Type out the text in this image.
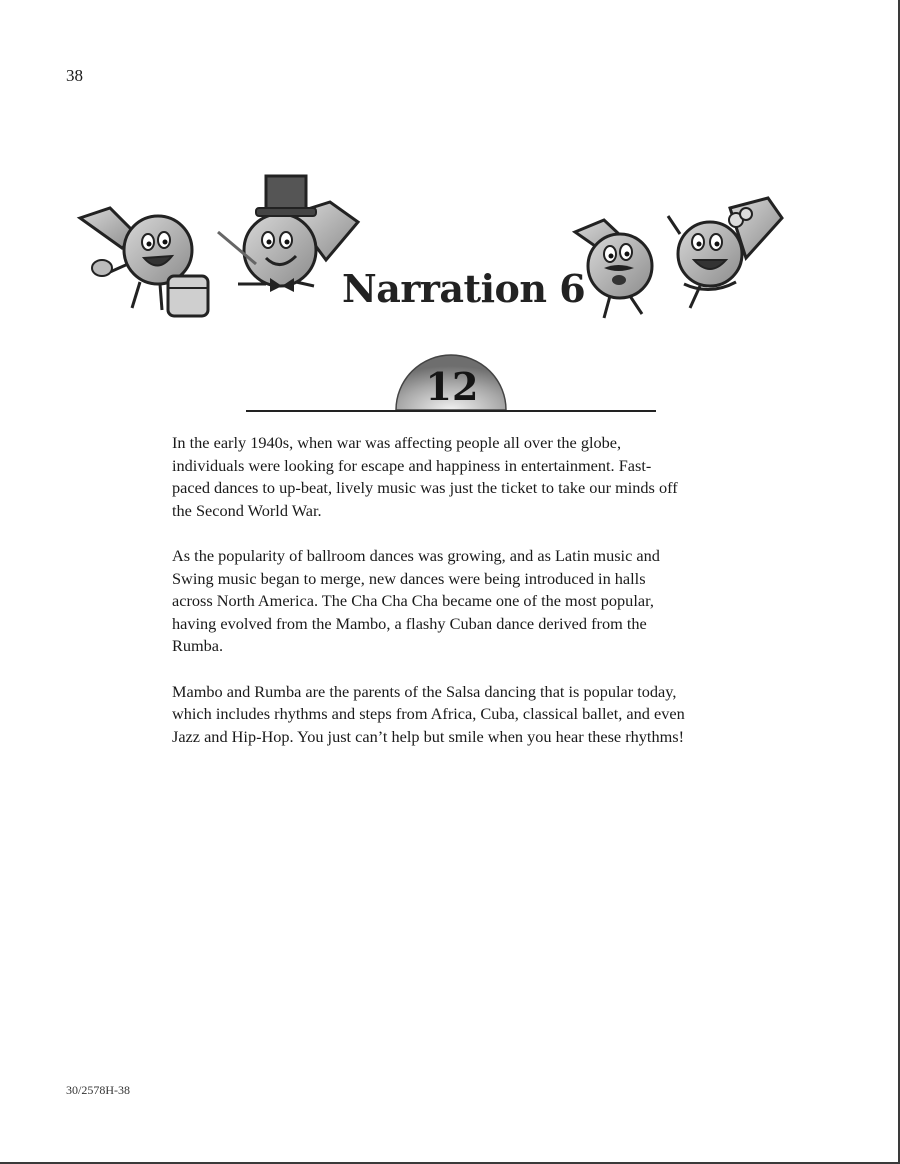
38
Narration 6
12

In the early 1940s, when war was affecting people all over the globe,
individuals were looking for escape and happiness in entertainment. Fast-
paced dances to up-beat, lively music was just the ticket to take our minds off
the Second World War.

As the popularity of ballroom dances was growing, and as Latin music and
Swing music began to merge, new dances were being introduced in halls
across North America. The Cha Cha Cha became one of the most popular,
having evolved from the Mambo, a flashy Cuban dance derived from the
Rumba.

Mambo and Rumba are the parents of the Salsa dancing that is popular today,
which includes rhythms and steps from Africa, Cuba, classical ballet, and even
Jazz and Hip-Hop. You just can’t help but smile when you hear these rhythms!

30/2578H-38
